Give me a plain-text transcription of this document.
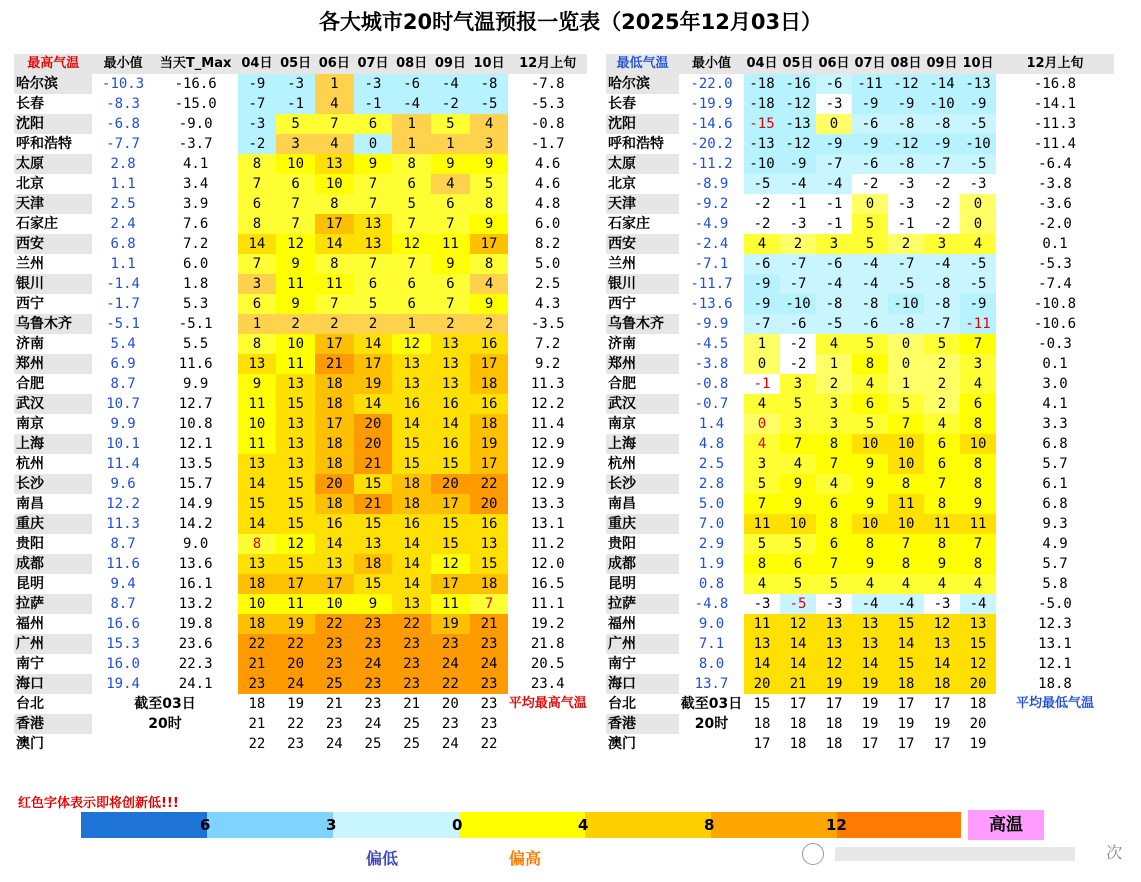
各大城市20时气温预报一览表（2025年12月03日）
最高气温	最小值	当天T_Max	04日	05日	06日	07日	08日	09日	10日	12月上旬
哈尔滨	-10.3	-16.6	-9	-3	1	-3	-6	-4	-8	-7.8
长春	-8.3	-15.0	-7	-1	4	-1	-4	-2	-5	-5.3
沈阳	-6.8	-9.0	-3	5	7	6	1	5	4	-0.8
呼和浩特	-7.7	-3.7	-2	3	4	0	1	1	3	-1.7
太原	2.8	4.1	8	10	13	9	8	9	9	4.6
北京	1.1	3.4	7	6	10	7	6	4	5	4.6
天津	2.5	3.9	6	7	8	7	5	6	8	4.8
石家庄	2.4	7.6	8	7	17	13	7	7	9	6.0
西安	6.8	7.2	14	12	14	13	12	11	17	8.2
兰州	1.1	6.0	7	9	8	7	7	9	8	5.0
银川	-1.4	1.8	3	11	11	6	6	6	4	2.5
西宁	-1.7	5.3	6	9	7	5	6	7	9	4.3
乌鲁木齐	-5.1	-5.1	1	2	2	2	1	2	2	-3.5
济南	5.4	5.5	8	10	17	14	12	13	16	7.2
郑州	6.9	11.6	13	11	21	17	13	13	17	9.2
合肥	8.7	9.9	9	13	18	19	13	13	18	11.3
武汉	10.7	12.7	11	15	18	14	16	16	16	12.2
南京	9.9	10.8	10	13	17	20	14	14	18	11.4
上海	10.1	12.1	11	13	18	20	15	16	19	12.9
杭州	11.4	13.5	13	13	18	21	15	15	17	12.9
长沙	9.6	15.7	14	15	20	15	18	20	22	12.9
南昌	12.2	14.9	15	15	18	21	18	17	20	13.3
重庆	11.3	14.2	14	15	16	15	16	15	16	13.1
贵阳	8.7	9.0	8	12	14	13	14	15	13	11.2
成都	11.6	13.6	13	15	13	18	14	12	15	12.0
昆明	9.4	16.1	18	17	17	15	14	17	18	16.5
拉萨	8.7	13.2	10	11	10	9	13	11	7	11.1
福州	16.6	19.8	18	19	22	23	22	19	21	19.2
广州	15.3	23.6	22	22	23	23	23	23	23	21.8
南宁	16.0	22.3	21	20	23	24	23	24	24	20.5
海口	19.4	24.1	23	24	25	23	23	22	23	23.4
台北	截至03日		18	19	21	23	21	20	23	平均最高气温
香港	20时		21	22	23	24	25	23	23	
澳门			22	23	24	25	25	24	22	
最低气温	最小值	04日	05日	06日	07日	08日	09日	10日	12月上旬
哈尔滨	-22.0	-18	-16	-6	-11	-12	-14	-13	-16.8
长春	-19.9	-18	-12	-3	-9	-9	-10	-9	-14.1
沈阳	-14.6	-15	-13	0	-6	-8	-8	-5	-11.3
呼和浩特	-20.2	-13	-12	-9	-9	-12	-9	-10	-11.4
太原	-11.2	-10	-9	-7	-6	-8	-7	-5	-6.4
北京	-8.9	-5	-4	-4	-2	-3	-2	-3	-3.8
天津	-9.2	-2	-1	-1	0	-3	-2	0	-3.6
石家庄	-4.9	-2	-3	-1	5	-1	-2	0	-2.0
西安	-2.4	4	2	3	5	2	3	4	0.1
兰州	-7.1	-6	-7	-6	-4	-7	-4	-5	-5.3
银川	-11.7	-9	-7	-4	-4	-5	-8	-5	-7.4
西宁	-13.6	-9	-10	-8	-8	-10	-8	-9	-10.8
乌鲁木齐	-9.9	-7	-6	-5	-6	-8	-7	-11	-10.6
济南	-4.5	1	-2	4	5	0	5	7	-0.3
郑州	-3.8	0	-2	1	8	0	2	3	0.1
合肥	-0.8	-1	3	2	4	1	2	4	3.0
武汉	-0.7	4	5	3	6	5	2	6	4.1
南京	1.4	0	3	3	5	7	4	8	3.3
上海	4.8	4	7	8	10	10	6	10	6.8
杭州	2.5	3	4	7	9	10	6	8	5.7
长沙	2.8	5	9	4	9	8	7	8	6.1
南昌	5.0	7	9	6	9	11	8	9	6.8
重庆	7.0	11	10	8	10	10	11	11	9.3
贵阳	2.9	5	5	6	8	7	8	7	4.9
成都	1.9	8	6	7	9	8	9	8	5.7
昆明	0.8	4	5	5	4	4	4	4	5.8
拉萨	-4.8	-3	-5	-3	-4	-4	-3	-4	-5.0
福州	9.0	11	12	13	13	15	12	13	12.3
广州	7.1	13	14	13	13	14	13	15	13.1
南宁	8.0	14	14	12	14	15	14	12	12.1
海口	13.7	20	21	19	19	18	18	20	18.8
台北	截至03日	15	17	17	19	17	17	18	平均最低气温
香港	20时	18	18	18	19	19	19	20	
澳门		17	18	18	17	17	17	19	
红色字体表示即将创新低!!!
6	3	0	4	8	12	高温
偏低	偏高	次
